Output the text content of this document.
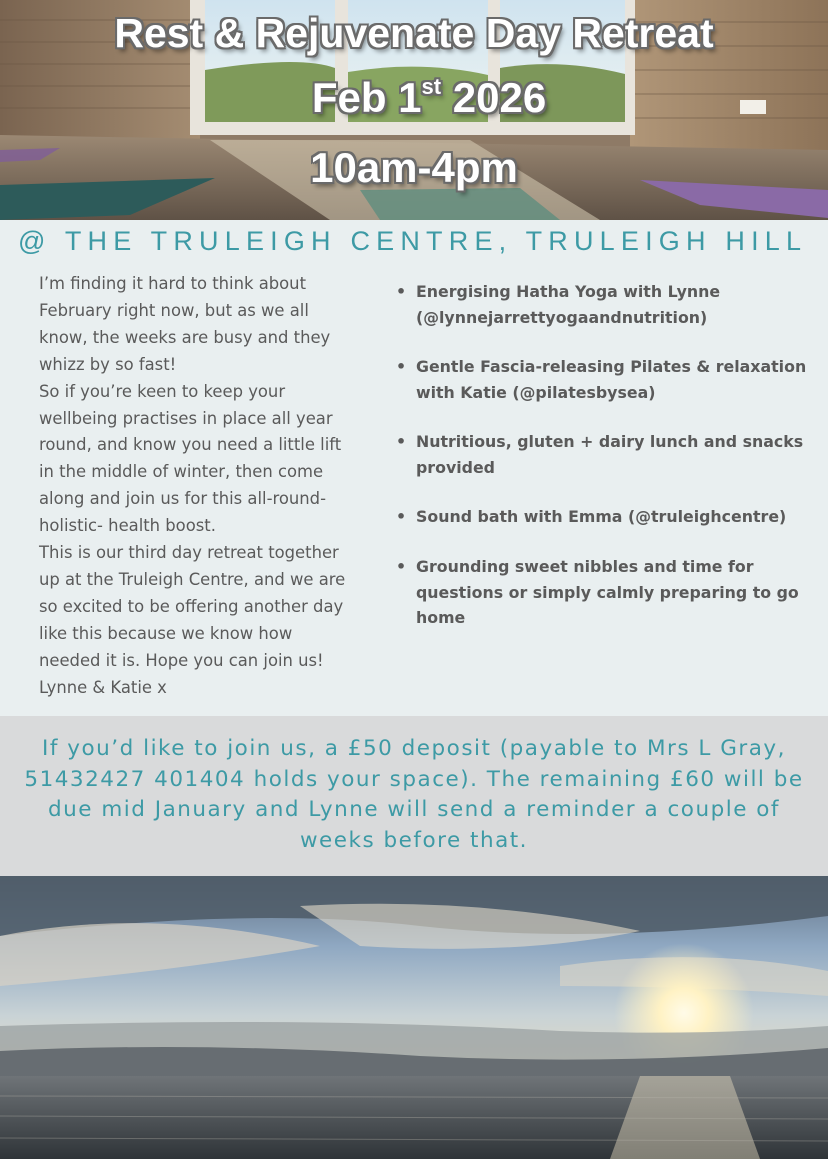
Rest & Rejuvenate Day Retreat

Feb 1st 2026

10am-4pm

@ THE TRULEIGH CENTRE, TRULEIGH HILL

I’m finding it hard to think about

February right now, but as we all

know, the weeks are busy and they

whizz by so fast!

So if you’re keen to keep your

wellbeing practises in place all year

round, and know you need a little lift

in the middle of winter, then come

along and join us for this all-round-

holistic- health boost.

This is our third day retreat together

up at the Truleigh Centre, and we are

so excited to be offering another day

like this because we know how

needed it is. Hope you can join us!

Lynne & Katie x

• Energising Hatha Yoga with Lynne
(@lynnejarrettyogaandnutrition)
• Gentle Fascia-releasing Pilates & relaxation
with Katie (@pilatesbysea)
• Nutritious, gluten + dairy lunch and snacks
provided
• Sound bath with Emma (@truleighcentre)
• Grounding sweet nibbles and time for
questions or simply calmly preparing to go
home

If you’d like to join us, a £50 deposit (payable to Mrs L Gray,
51432427 401404 holds your space). The remaining £60 will be
due mid January and Lynne will send a reminder a couple of
weeks before that.
